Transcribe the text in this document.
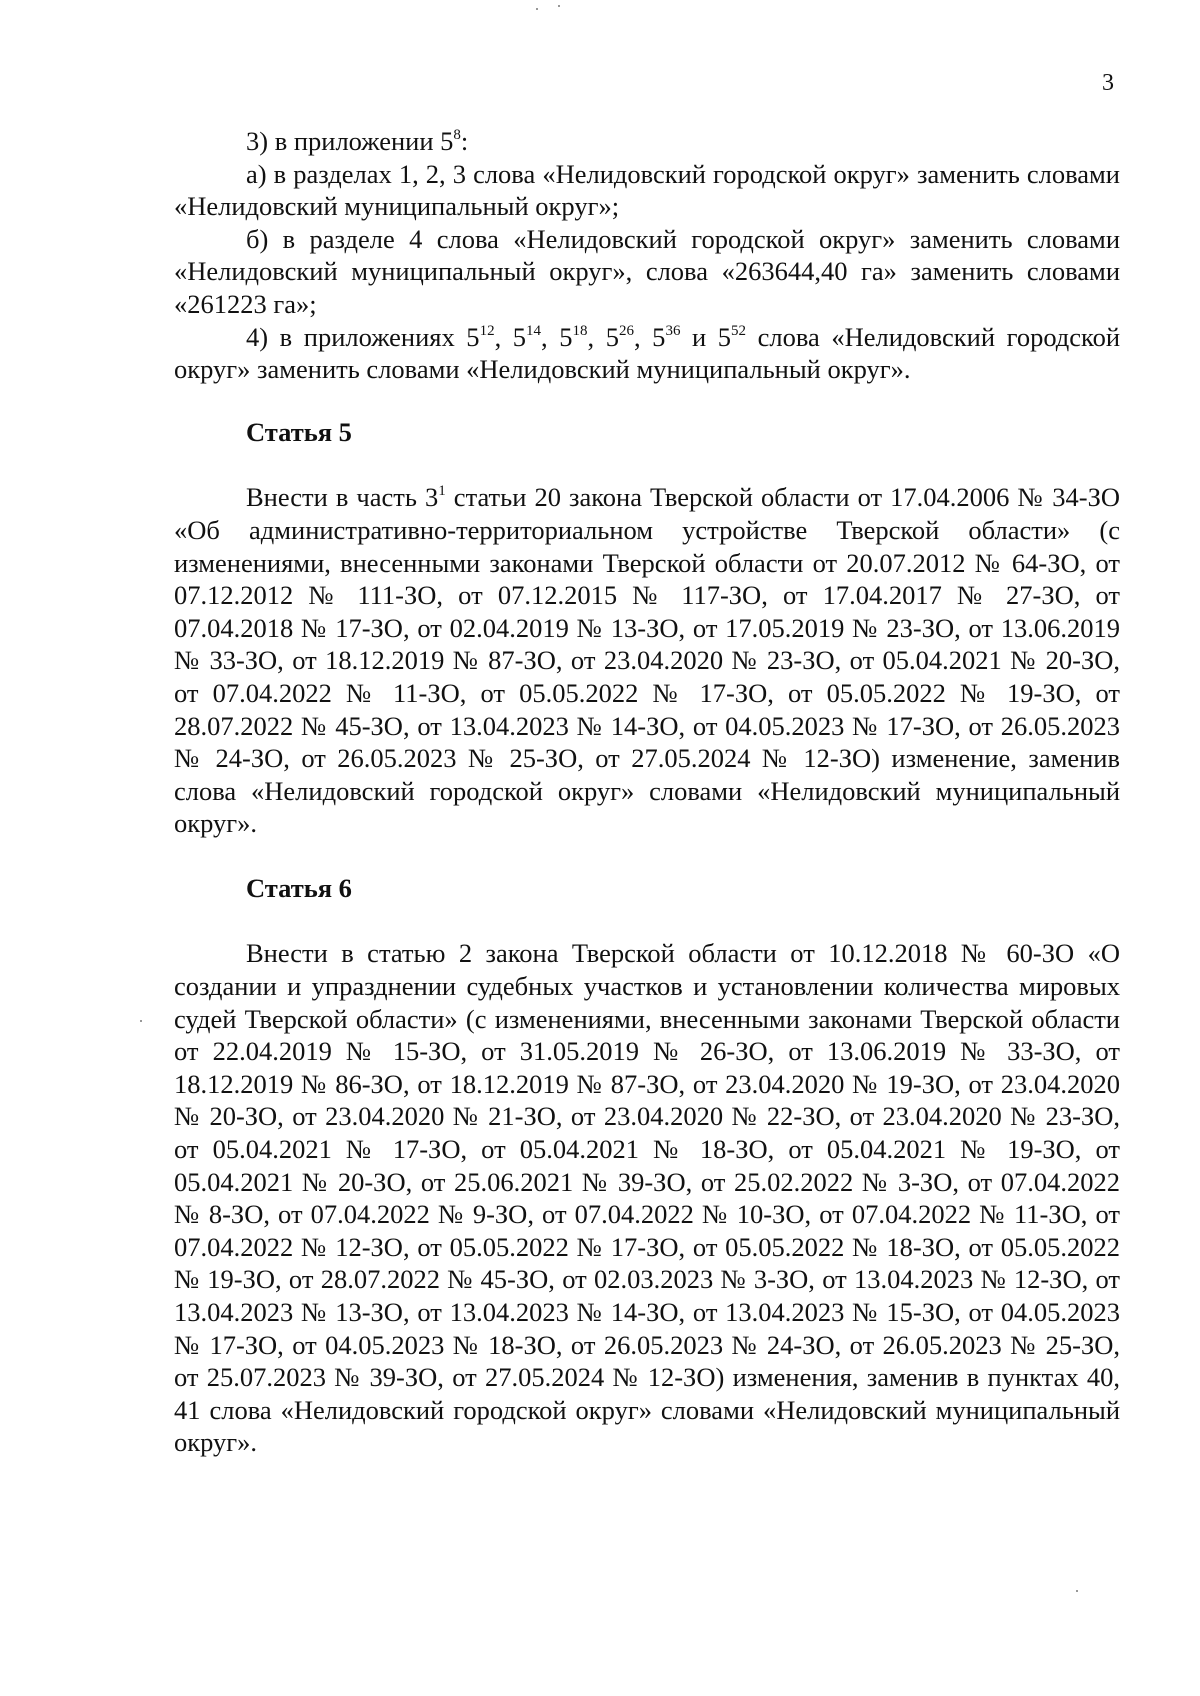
3

3) в приложении $5^8$:

а) в разделах 1, 2, 3 слова «Нелидовский городской округ» заменить словами «Нелидовский муниципальный округ»;

б) в разделе 4 слова «Нелидовский городской округ» заменить словами «Нелидовский муниципальный округ», слова «263644,40 га» заменить словами «261223 га»;

4) в приложениях $5^{12}$, $5^{14}$, $5^{18}$, $5^{26}$, $5^{36}$ и $5^{52}$ слова «Нелидовский городской округ» заменить словами «Нелидовский муниципальный округ».

Статья 5

Внести в часть $3^1$ статьи 20 закона Тверской области от 17.04.2006 № 34-ЗО «Об административно-территориальном устройстве Тверской области» (с изменениями, внесенными законами Тверской области от 20.07.2012 № 64-ЗО, от 07.12.2012 № 111-ЗО, от 07.12.2015 № 117-ЗО, от 17.04.2017 № 27-ЗО, от 07.04.2018 № 17-ЗО, от 02.04.2019 № 13-ЗО, от 17.05.2019 № 23-ЗО, от 13.06.2019 № 33-ЗО, от 18.12.2019 № 87-ЗО, от 23.04.2020 № 23-ЗО, от 05.04.2021 № 20-ЗО, от 07.04.2022 № 11-ЗО, от 05.05.2022 № 17-ЗО, от 05.05.2022 № 19-ЗО, от 28.07.2022 № 45-ЗО, от 13.04.2023 № 14-ЗО, от 04.05.2023 № 17-ЗО, от 26.05.2023 № 24-ЗО, от 26.05.2023 № 25-ЗО, от 27.05.2024 № 12-ЗО) изменение, заменив слова «Нелидовский городской округ» словами «Нелидовский муниципальный округ».

Статья 6

Внести в статью 2 закона Тверской области от 10.12.2018 № 60-ЗО «О создании и упразднении судебных участков и установлении количества мировых судей Тверской области» (с изменениями, внесенными законами Тверской области от 22.04.2019 № 15-ЗО, от 31.05.2019 № 26-ЗО, от 13.06.2019 № 33-ЗО, от 18.12.2019 № 86-ЗО, от 18.12.2019 № 87-ЗО, от 23.04.2020 № 19-ЗО, от 23.04.2020 № 20-ЗО, от 23.04.2020 № 21-ЗО, от 23.04.2020 № 22-ЗО, от 23.04.2020 № 23-ЗО, от 05.04.2021 № 17-ЗО, от 05.04.2021 № 18-ЗО, от 05.04.2021 № 19-ЗО, от 05.04.2021 № 20-ЗО, от 25.06.2021 № 39-ЗО, от 25.02.2022 № 3-ЗО, от 07.04.2022 № 8-ЗО, от 07.04.2022 № 9-ЗО, от 07.04.2022 № 10-ЗО, от 07.04.2022 № 11-ЗО, от 07.04.2022 № 12-ЗО, от 05.05.2022 № 17-ЗО, от 05.05.2022 № 18-ЗО, от 05.05.2022 № 19-ЗО, от 28.07.2022 № 45-ЗО, от 02.03.2023 № 3-ЗО, от 13.04.2023 № 12-ЗО, от 13.04.2023 № 13-ЗО, от 13.04.2023 № 14-ЗО, от 13.04.2023 № 15-ЗО, от 04.05.2023 № 17-ЗО, от 04.05.2023 № 18-ЗО, от 26.05.2023 № 24-ЗО, от 26.05.2023 № 25-ЗО, от 25.07.2023 № 39-ЗО, от 27.05.2024 № 12-ЗО) изменения, заменив в пунктах 40, 41 слова «Нелидовский городской округ» словами «Нелидовский муниципальный округ».
